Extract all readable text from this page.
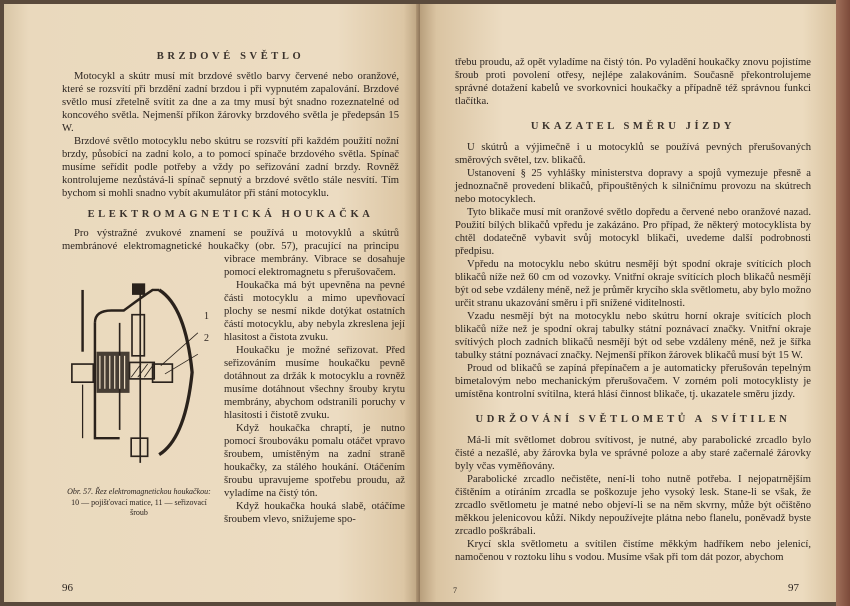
BRZDOVÉ SVĚTLO

Motocykl a skútr musí mít brzdové světlo barvy červené nebo oranžové, které se rozsvítí při brzdění zadní brzdou i při vypnutém zapalování. Brzdové světlo musí zřetelně svítit za dne a za tmy musí být snadno rozeznatelné od koncového světla. Nejmenší příkon žárovky brzdového světla je předepsán 15 W.

Brzdové světlo motocyklu nebo skútru se rozsvítí při každém použití nožní brzdy, působící na zadní kolo, a to pomocí spínače brzdového světla. Spínač musíme seřídit podle potřeby a vždy po seřizování zadní brzdy. Rovněž kontrolujeme nezůstává-li spínač sepnutý a brzdové světlo stále nesvítí. Tím bychom si mohli snadno vybít akumulátor při stání motocyklu.

ELEKTROMAGNETICKÁ HOUKAČKA

Pro výstražné zvukové znamení se používá u motovyklů a skútrů membránové elektromagnetické houkačky (obr. 57), pracující na principu

1
2
Obr. 57. Řez elektromagnetickou houkačkou:
10 — pojišťovací matice, 11 — seřizovací šroub

vibrace membrány. Vibrace se dosahuje pomocí elektromagnetu s přerušovačem.

Houkačka má být upevněna na pevné části motocyklu a mimo upevňovací plochy se nesmí nikde dotýkat ostatních částí motocyklu, aby nebyla zkreslena její hlasitost a čistota zvuku.

Houkačku je možné seřizovat. Před seřizováním musíme houkačku pevně dotáhnout za držák k motocyklu a rovněž musíme dotáhnout všechny šrouby krytu membrány, abychom odstranili poruchy v hlasitosti i čistotě zvuku.

Když houkačka chraptí, je nutno pomocí šroubováku pomalu otáčet vpravo šroubem, umístěným na zadní straně houkačky, za stálého houkání. Otáčením šroubu upravujeme spotřebu proudu, až vyladíme na čistý tón.

Když houkačka houká slabě, otáčíme šroubem vlevo, snižujeme spo-

96

třebu proudu, až opět vyladíme na čistý tón. Po vyladění houkačky znovu pojistíme šroub proti povolení otřesy, nejlépe zalakováním. Současně překontrolujeme správné dotažení kabelů ve svorkovnici houkačky a případně též správnou funkci tlačítka.

UKAZATEL SMĚRU JÍZDY

U skútrů a výjimečně i u motocyklů se používá pevných přerušovaných směrových světel, tzv. blikačů.

Ustanovení § 25 vyhlášky ministerstva dopravy a spojů vymezuje přesně a jednoznačně provedení blikačů, připouštěných k silničnímu provozu na skútrech nebo motocyklech.

Tyto blikače musí mít oranžové světlo dopředu a červené nebo oranžové nazad. Použití bílých blikačů vpředu je zakázáno. Pro případ, že některý motocyklista by chtěl dodatečně vybavit svůj motocykl blikači, uvedeme další podrobnosti předpisu.

Vpředu na motocyklu nebo skútru nesmějí být spodní okraje svítících ploch blikačů níže než 60 cm od vozovky. Vnitřní okraje svítících ploch blikačů nesmějí být od sebe vzdáleny méně, než je průměr krycího skla světlometu, aby bylo možno určit stranu ukazování směru i při snížené viditelnosti.

Vzadu nesmějí být na motocyklu nebo skútru horní okraje svítících ploch blikačů níže než je spodní okraj tabulky státní poznávací značky. Vnitřní okraje svítivých ploch zadních blikačů nesmějí být od sebe vzdáleny méně, než je šířka tabulky státní poznávací značky. Nejmenší příkon žárovek blikačů musí být 15 W.

Proud od blikačů se zapíná přepínačem a je automaticky přerušován tepelným bimetalovým nebo mechanickým přerušovačem. V zorném poli motocyklisty je umístěna kontrolní svítilna, která hlásí činnost blikače, tj. ukazatele směru jízdy.

UDRŽOVÁNÍ SVĚTLOMETŮ A SVÍTILEN

Má-li mít světlomet dobrou svítivost, je nutné, aby parabolické zrcadlo bylo čisté a nezašlé, aby žárovka byla ve správné poloze a aby staré začernalé žárovky byly včas vyměňovány.

Parabolické zrcadlo nečistěte, není-li toho nutně potřeba. I nejopatrnějším čištěním a otíráním zrcadla se poškozuje jeho vysoký lesk. Stane-li se však, že zrcadlo světlometu je matné nebo objeví-li se na něm skvrny, může být očištěno měkkou jelenicovou kůží. Nikdy nepoužívejte plátna nebo flanelu, poněvadž byste zrcadlo poškrábali.

Krycí skla světlometu a svítilen čistíme měkkým hadříkem nebo jelenicí, namočenou v roztoku lihu s vodou. Musíme však při tom dát pozor, abychom

7	97
